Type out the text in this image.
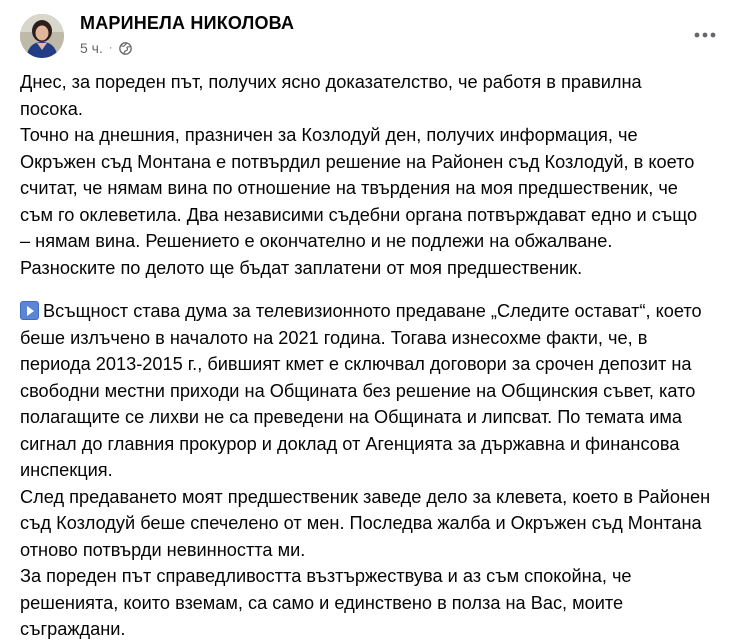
МАРИНЕЛА НИКОЛОВА
5 ч. ·

Днес, за пореден път, получих ясно доказателство, че работя в правилна
посока.
Точно на днешния, празничен за Козлодуй ден, получих информация, че
Окръжен съд Монтана е потвърдил решение на Районен съд Козлодуй, в което
считат, че нямам вина по отношение на твърдения на моя предшественик, че
съм го оклеветила. Два независими съдебни органа потвърждават едно и също
– нямам вина. Решението е окончателно и не подлежи на обжалване.
Разноските по делото ще бъдат заплатени от моя предшественик.

Всъщност става дума за телевизионното предаване „Следите остават“, което
беше излъчено в началото на 2021 година. Тогава изнесохме факти, че, в
периода 2013-2015 г., бившият кмет е сключвал договори за срочен депозит на
свободни местни приходи на Общината без решение на Общинския съвет, като
полагащите се лихви не са преведени на Общината и липсват. По темата има
сигнал до главния прокурор и доклад от Агенцията за държавна и финансова
инспекция.
След предаването моят предшественик заведе дело за клевета, което в Районен
съд Козлодуй беше спечелено от мен. Последва жалба и Окръжен съд Монтана
отново потвърди невинността ми.
За пореден път справедливостта възтържествува и аз съм спокойна, че
решенията, които вземам, са само и единствено в полза на Вас, моите
съграждани.
